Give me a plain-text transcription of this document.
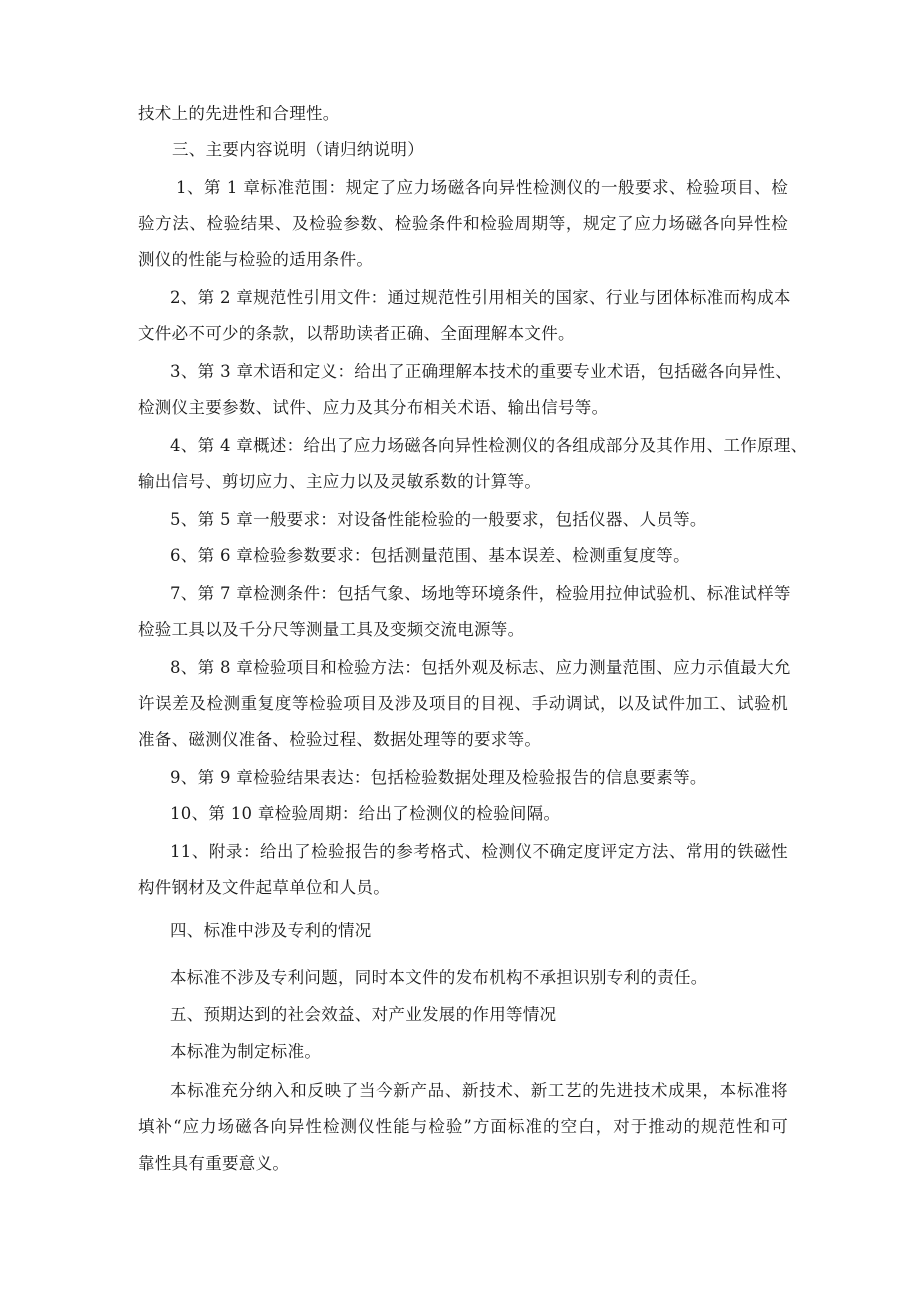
技术上的先进性和合理性。
三、主要内容说明（请归纳说明）
1、第 1 章标准范围：规定了应力场磁各向异性检测仪的一般要求、检验项目、检
验方法、检验结果、及检验参数、检验条件和检验周期等，规定了应力场磁各向异性检
测仪的性能与检验的适用条件。
2、第 2 章规范性引用文件：通过规范性引用相关的国家、行业与团体标准而构成本
文件必不可少的条款，以帮助读者正确、全面理解本文件。
3、第 3 章术语和定义：给出了正确理解本技术的重要专业术语，包括磁各向异性、
检测仪主要参数、试件、应力及其分布相关术语、输出信号等。
4、第 4 章概述：给出了应力场磁各向异性检测仪的各组成部分及其作用、工作原理、
输出信号、剪切应力、主应力以及灵敏系数的计算等。
5、第 5 章一般要求：对设备性能检验的一般要求，包括仪器、人员等。
6、第 6 章检验参数要求：包括测量范围、基本误差、检测重复度等。
7、第 7 章检测条件：包括气象、场地等环境条件，检验用拉伸试验机、标准试样等
检验工具以及千分尺等测量工具及变频交流电源等。
8、第 8 章检验项目和检验方法：包括外观及标志、应力测量范围、应力示值最大允
许误差及检测重复度等检验项目及涉及项目的目视、手动调试，以及试件加工、试验机
准备、磁测仪准备、检验过程、数据处理等的要求等。
9、第 9 章检验结果表达：包括检验数据处理及检验报告的信息要素等。
10、第 10 章检验周期：给出了检测仪的检验间隔。
11、附录：给出了检验报告的参考格式、检测仪不确定度评定方法、常用的铁磁性
构件钢材及文件起草单位和人员。
四、标准中涉及专利的情况
本标准不涉及专利问题，同时本文件的发布机构不承担识别专利的责任。
五、预期达到的社会效益、对产业发展的作用等情况
本标准为制定标准。
本标准充分纳入和反映了当今新产品、新技术、新工艺的先进技术成果，本标准将
填补“应力场磁各向异性检测仪性能与检验”方面标准的空白，对于推动的规范性和可
靠性具有重要意义。
